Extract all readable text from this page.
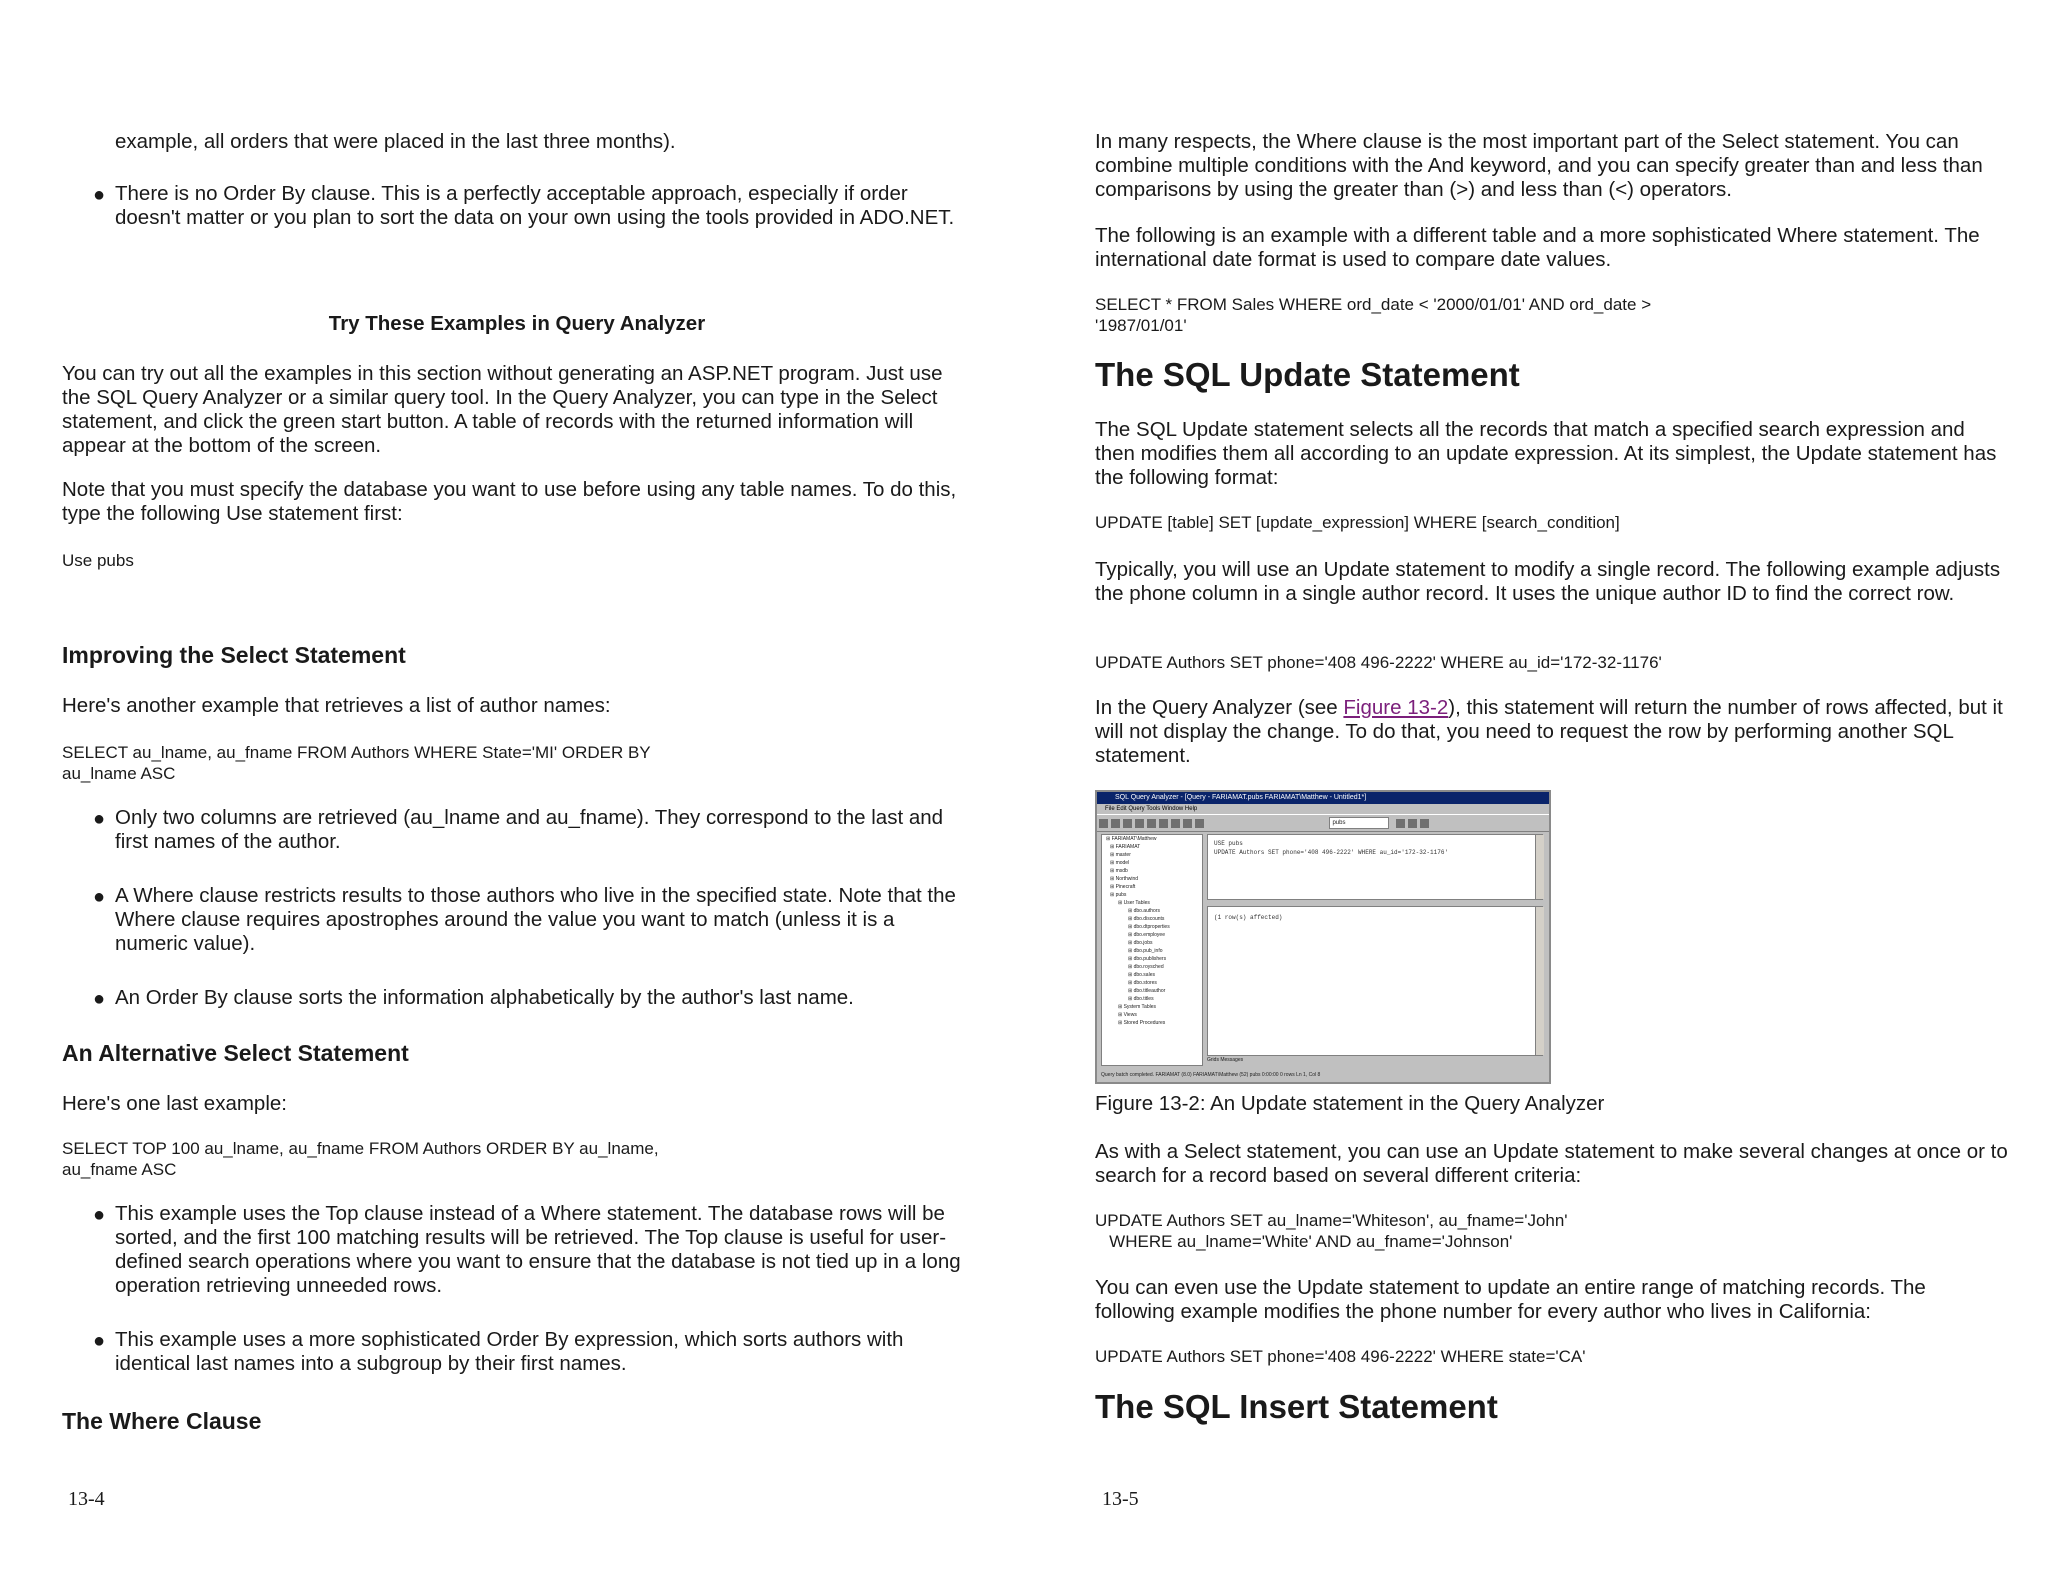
example, all orders that were placed in the last three months).

● There is no Order By clause. This is a perfectly acceptable approach, especially if order doesn't matter or you plan to sort the data on your own using the tools provided in ADO.NET.

Try These Examples in Query Analyzer

You can try out all the examples in this section without generating an ASP.NET program. Just use the SQL Query Analyzer or a similar query tool. In the Query Analyzer, you can type in the Select statement, and click the green start button. A table of records with the returned information will appear at the bottom of the screen.

Note that you must specify the database you want to use before using any table names. To do this, type the following Use statement first:

Use pubs

Improving the Select Statement

Here's another example that retrieves a list of author names:

SELECT au_lname, au_fname FROM Authors WHERE State='MI' ORDER BY
au_lname ASC

● Only two columns are retrieved (au_lname and au_fname). They correspond to the last and first names of the author.
● A Where clause restricts results to those authors who live in the specified state. Note that the Where clause requires apostrophes around the value you want to match (unless it is a numeric value).
● An Order By clause sorts the information alphabetically by the author's last name.

An Alternative Select Statement

Here's one last example:

SELECT TOP 100 au_lname, au_fname FROM Authors ORDER BY au_lname,
au_fname ASC

● This example uses the Top clause instead of a Where statement. The database rows will be sorted, and the first 100 matching results will be retrieved. The Top clause is useful for user-defined search operations where you want to ensure that the database is not tied up in a long operation retrieving unneeded rows.
● This example uses a more sophisticated Order By expression, which sorts authors with identical last names into a subgroup by their first names.

The Where Clause

13-4

In many respects, the Where clause is the most important part of the Select statement. You can combine multiple conditions with the And keyword, and you can specify greater than and less than comparisons by using the greater than (>) and less than (<) operators.

The following is an example with a different table and a more sophisticated Where statement. The international date format is used to compare date values.

SELECT * FROM Sales WHERE ord_date < '2000/01/01' AND ord_date >
'1987/01/01'

The SQL Update Statement

The SQL Update statement selects all the records that match a specified search expression and then modifies them all according to an update expression. At its simplest, the Update statement has the following format:

UPDATE [table] SET [update_expression] WHERE [search_condition]

Typically, you will use an Update statement to modify a single record. The following example adjusts the phone column in a single author record. It uses the unique author ID to find the correct row.

UPDATE Authors SET phone='408 496-2222' WHERE au_id='172-32-1176'

In the Query Analyzer (see Figure 13-2), this statement will return the number of rows affected, but it will not display the change. To do that, you need to request the row by performing another SQL statement.

SQL Query Analyzer - [Query - FARIAMAT.pubs FARIAMAT\Matthew - Untitled1*]
File Edit Query Tools Window Help
pubs
⊞ FARIAMAT\Matthew
⊞ FARIAMAT
⊞ master
⊞ model
⊞ msdb
⊞ Northwind
⊞ Pinecraft
⊞ pubs
⊞ User Tables
⊞ dbo.authors
⊞ dbo.discounts
⊞ dbo.dtproperties
⊞ dbo.employee
⊞ dbo.jobs
⊞ dbo.pub_info
⊞ dbo.publishers
⊞ dbo.roysched
⊞ dbo.sales
⊞ dbo.stores
⊞ dbo.titleauthor
⊞ dbo.titles
⊞ System Tables
⊞ Views
⊞ Stored Procedures
USE pubs
UPDATE Authors SET phone='408 496-2222' WHERE au_id='172-32-1176'
(1 row(s) affected)
Grids Messages
Query batch completed. FARIAMAT (8.0) FARIAMAT\Matthew (52) pubs 0:00:00 0 rows Ln 1, Col 8

Figure 13-2: An Update statement in the Query Analyzer

As with a Select statement, you can use an Update statement to make several changes at once or to search for a record based on several different criteria:

UPDATE Authors SET au_lname='Whiteson', au_fname='John'
WHERE au_lname='White' AND au_fname='Johnson'

You can even use the Update statement to update an entire range of matching records. The following example modifies the phone number for every author who lives in California:

UPDATE Authors SET phone='408 496-2222' WHERE state='CA'

The SQL Insert Statement

13-5
